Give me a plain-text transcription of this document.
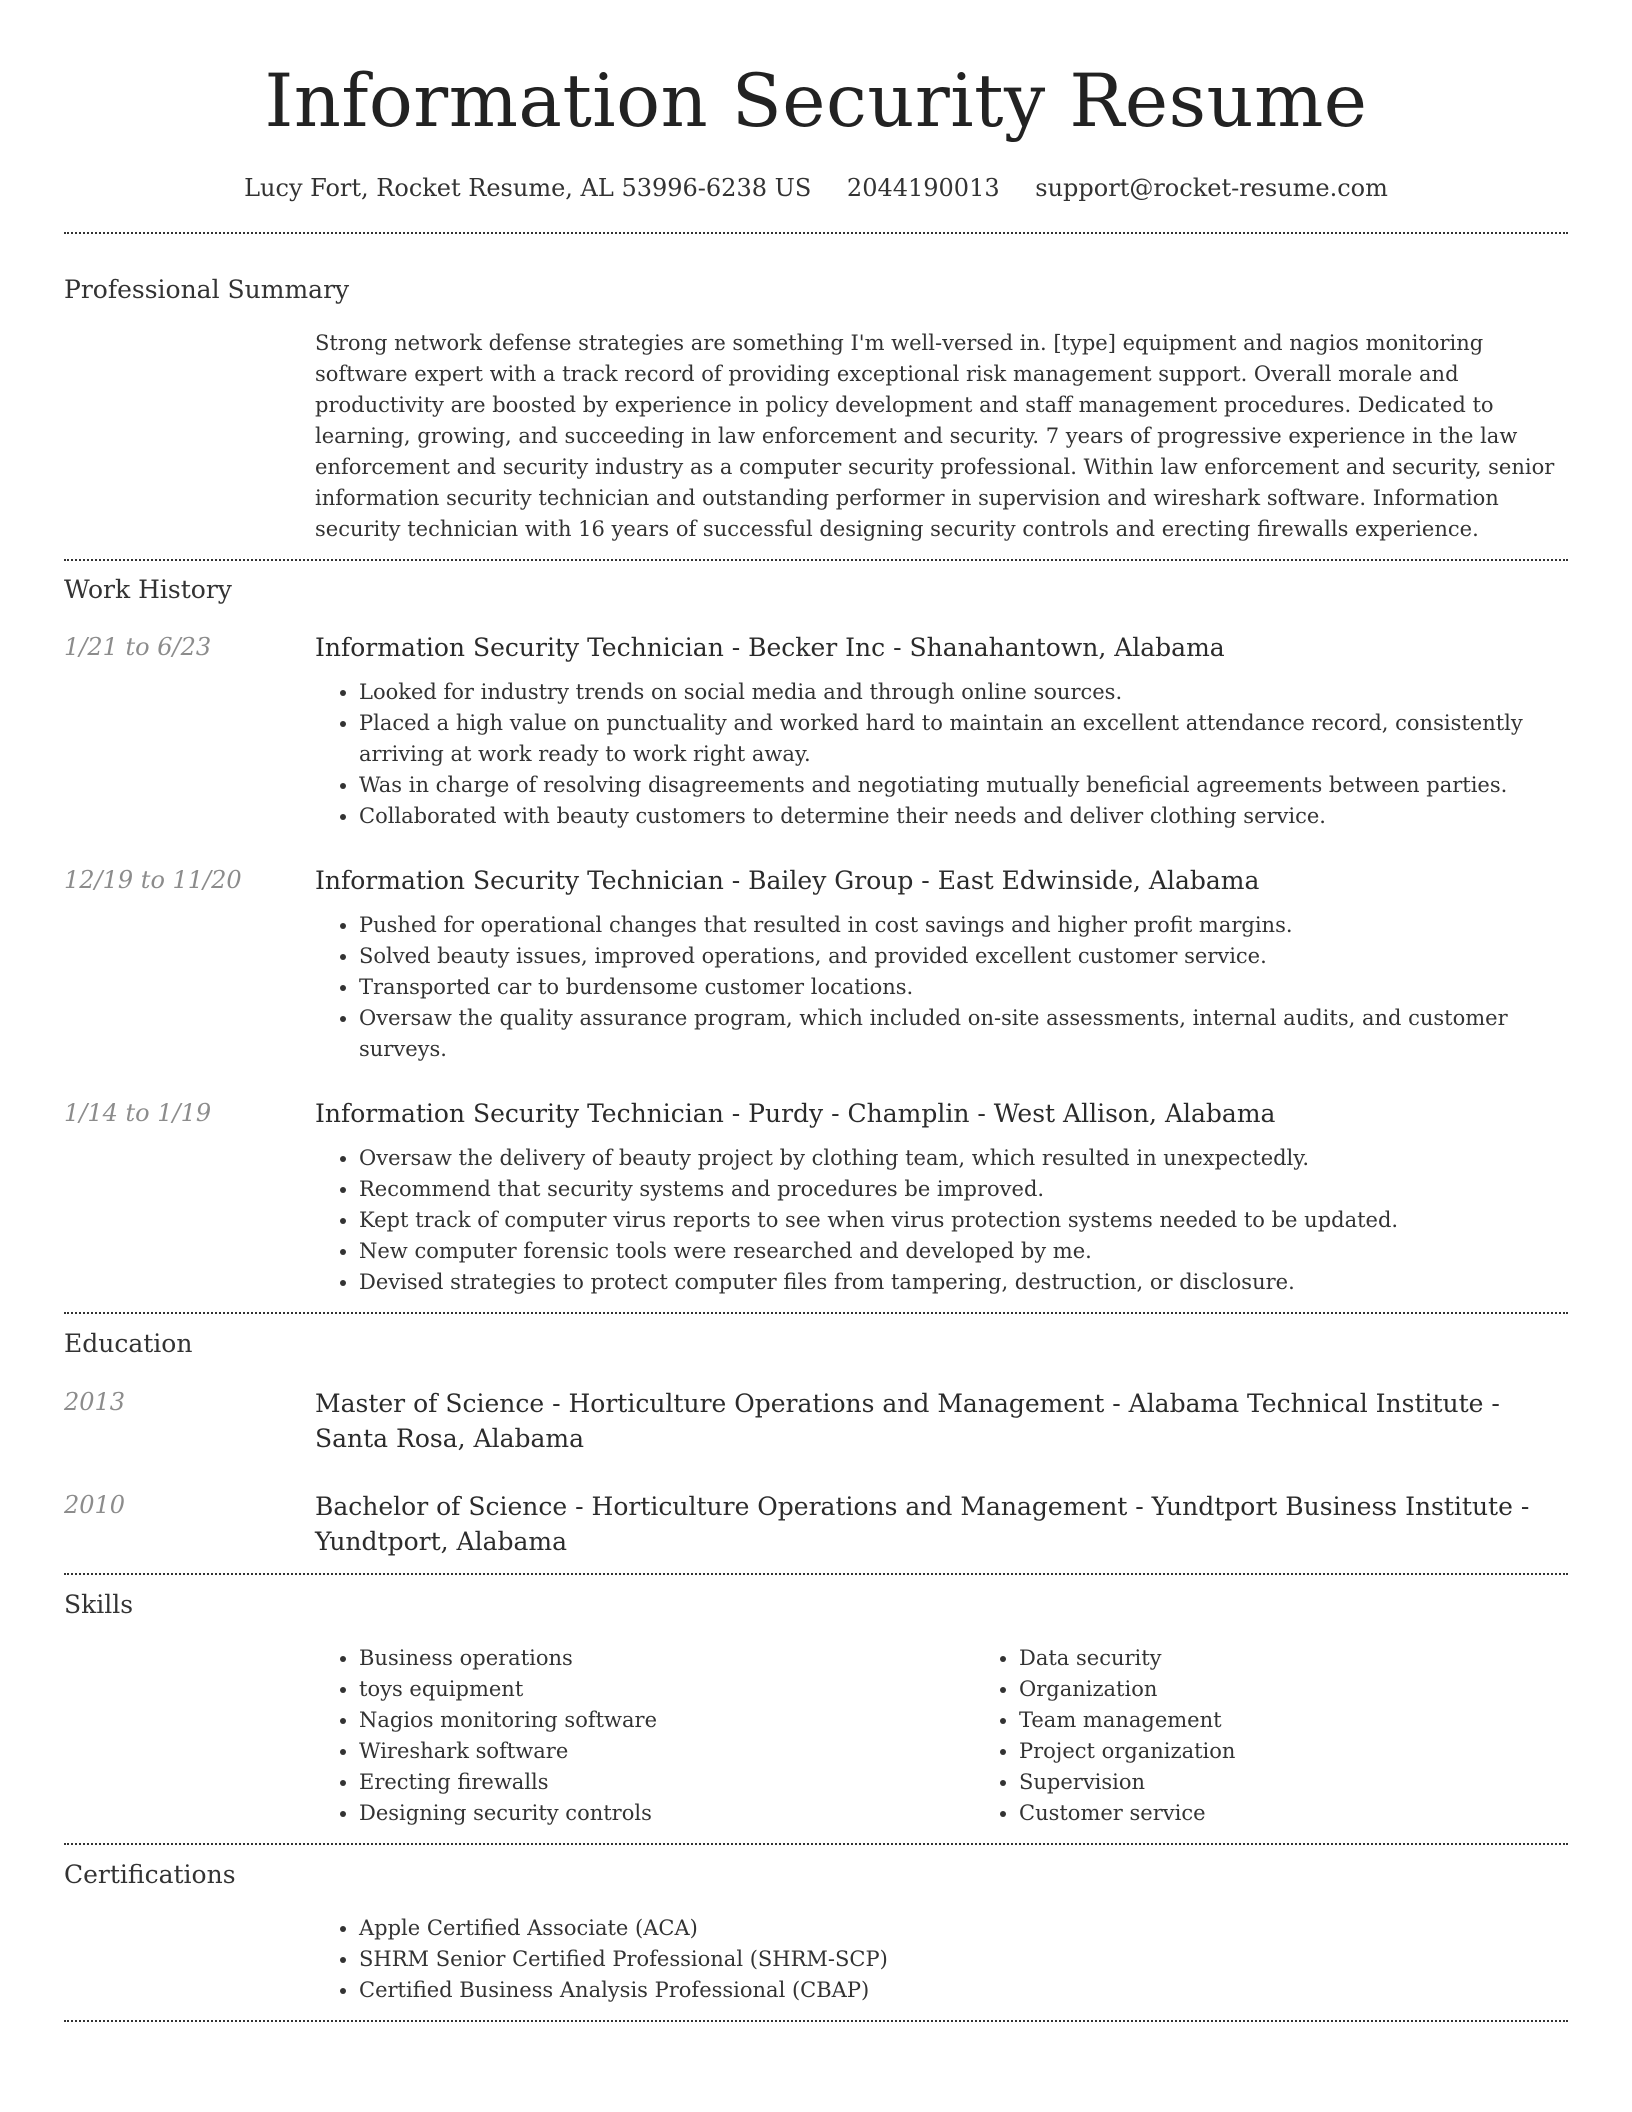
Information Security Resume
Lucy Fort, Rocket Resume, AL 53996-6238 US 2044190013 support@rocket-resume.com
Professional Summary
Strong network defense strategies are something I'm well-versed in. [type] equipment and nagios monitoring software expert with a track record of providing exceptional risk management support. Overall morale and productivity are boosted by experience in policy development and staff management procedures. Dedicated to learning, growing, and succeeding in law enforcement and security. 7 years of progressive experience in the law enforcement and security industry as a computer security professional. Within law enforcement and security, senior information security technician and outstanding performer in supervision and wireshark software. Information security technician with 16 years of successful designing security controls and erecting firewalls experience.
Work History
1/21 to 6/23	Information Security Technician - Becker Inc - Shanahantown, Alabama
• Looked for industry trends on social media and through online sources.
• Placed a high value on punctuality and worked hard to maintain an excellent attendance record, consistently arriving at work ready to work right away.
• Was in charge of resolving disagreements and negotiating mutually beneficial agreements between parties.
• Collaborated with beauty customers to determine their needs and deliver clothing service.
12/19 to 11/20	Information Security Technician - Bailey Group - East Edwinside, Alabama
• Pushed for operational changes that resulted in cost savings and higher profit margins.
• Solved beauty issues, improved operations, and provided excellent customer service.
• Transported car to burdensome customer locations.
• Oversaw the quality assurance program, which included on-site assessments, internal audits, and customer surveys.
1/14 to 1/19	Information Security Technician - Purdy - Champlin - West Allison, Alabama
• Oversaw the delivery of beauty project by clothing team, which resulted in unexpectedly.
• Recommend that security systems and procedures be improved.
• Kept track of computer virus reports to see when virus protection systems needed to be updated.
• New computer forensic tools were researched and developed by me.
• Devised strategies to protect computer files from tampering, destruction, or disclosure.
Education
2013	Master of Science - Horticulture Operations and Management - Alabama Technical Institute - Santa Rosa, Alabama
2010	Bachelor of Science - Horticulture Operations and Management - Yundtport Business Institute - Yundtport, Alabama
Skills
• Business operations
• toys equipment
• Nagios monitoring software
• Wireshark software
• Erecting firewalls
• Designing security controls
• Data security
• Organization
• Team management
• Project organization
• Supervision
• Customer service
Certifications
• Apple Certified Associate (ACA)
• SHRM Senior Certified Professional (SHRM-SCP)
• Certified Business Analysis Professional (CBAP)
